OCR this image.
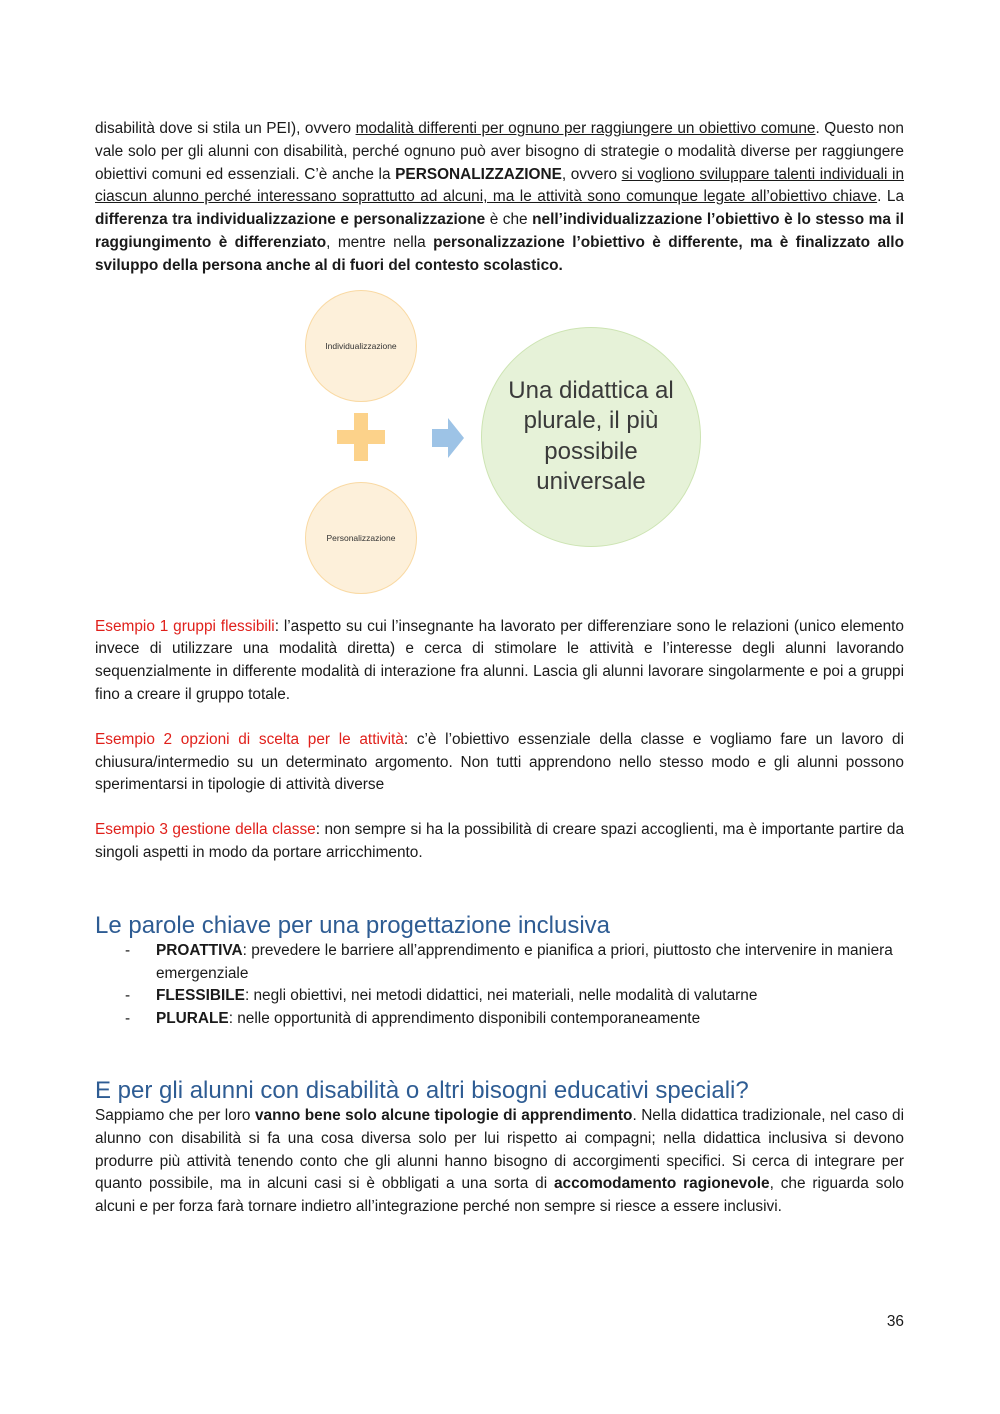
disabilità dove si stila un PEI), ovvero modalità differenti per ognuno per raggiungere un obiettivo comune. Questo non vale solo per gli alunni con disabilità, perché ognuno può aver bisogno di strategie o modalità diverse per raggiungere obiettivi comuni ed essenziali. C’è anche la PERSONALIZZAZIONE, ovvero si vogliono sviluppare talenti individuali in ciascun alunno perché interessano soprattutto ad alcuni, ma le attività sono comunque legate all’obiettivo chiave. La differenza tra individualizzazione e personalizzazione è che nell’individualizzazione l’obiettivo è lo stesso ma il raggiungimento è differenziato, mentre nella personalizzazione l’obiettivo è differente, ma è finalizzato allo sviluppo della persona anche al di fuori del contesto scolastico.

Individualizzazione
Personalizzazione
Una didattica al plurale, il più possibile universale

Esempio 1 gruppi flessibili: l’aspetto su cui l’insegnante ha lavorato per differenziare sono le relazioni (unico elemento invece di utilizzare una modalità diretta) e cerca di stimolare le attività e l’interesse degli alunni lavorando sequenzialmente in differente modalità di interazione fra alunni. Lascia gli alunni lavorare singolarmente e poi a gruppi fino a creare il gruppo totale.

Esempio 2 opzioni di scelta per le attività: c’è l’obiettivo essenziale della classe e vogliamo fare un lavoro di chiusura/intermedio su un determinato argomento. Non tutti apprendono nello stesso modo e gli alunni possono sperimentarsi in tipologie di attività diverse

Esempio 3 gestione della classe: non sempre si ha la possibilità di creare spazi accoglienti, ma è importante partire da singoli aspetti in modo da portare arricchimento.

Le parole chiave per una progettazione inclusiva
- PROATTIVA: prevedere le barriere all’apprendimento e pianifica a priori, piuttosto che intervenire in maniera emergenziale
- FLESSIBILE: negli obiettivi, nei metodi didattici, nei materiali, nelle modalità di valutarne
- PLURALE: nelle opportunità di apprendimento disponibili contemporaneamente
E per gli alunni con disabilità o altri bisogni educativi speciali?

Sappiamo che per loro vanno bene solo alcune tipologie di apprendimento. Nella didattica tradizionale, nel caso di alunno con disabilità si fa una cosa diversa solo per lui rispetto ai compagni; nella didattica inclusiva si devono produrre più attività tenendo conto che gli alunni hanno bisogno di accorgimenti specifici. Si cerca di integrare per quanto possibile, ma in alcuni casi si è obbligati a una sorta di accomodamento ragionevole, che riguarda solo alcuni e per forza farà tornare indietro all’integrazione perché non sempre si riesce a essere inclusivi.

36
